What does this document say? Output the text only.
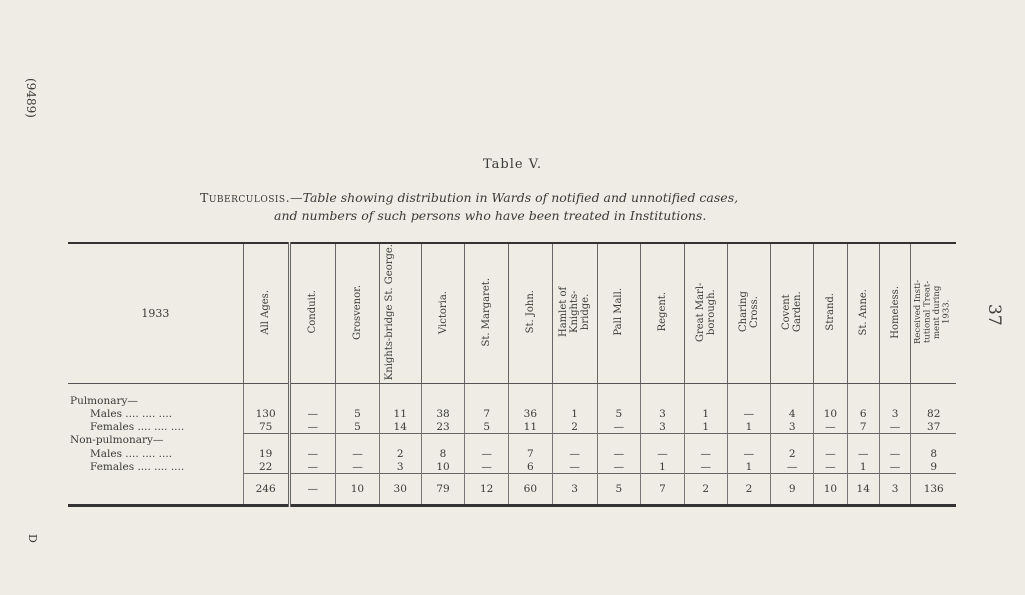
(9489)
D
37
Table V.
Tuberculosis.—Table showing distribution in Wards of notified and unnotified cases,
and numbers of such persons who have been treated in Institutions.
1933	All Ages.	Conduit.	Grosvenor.	Knights-bridge St. George.	Victoria.	St. Margaret.	St. John.	Hamlet of Knights-bridge.	Pall Mall.	Regent.	Great Marl-borough.	Charing Cross.	Covent Garden.	Strand.	St. Anne.	Homeless.	Received Insti-tutional Treat-ment during 1933.
Pulmonary—																	
Males .... .... ....	130	—	5	11	38	7	36	1	5	3	1	—	4	10	6	3	82
Females .... .... ....	75	—	5	14	23	5	11	2	—	3	1	1	3	—	7	—	37
Non-pulmonary—																	
Males .... .... ....	19	—	—	2	8	—	7	—	—	—	—	—	2	—	—	—	8
Females .... .... ....	22	—	—	3	10	—	6	—	—	1	—	1	—	—	1	—	9
	246	—	10	30	79	12	60	3	5	7	2	2	9	10	14	3	136
